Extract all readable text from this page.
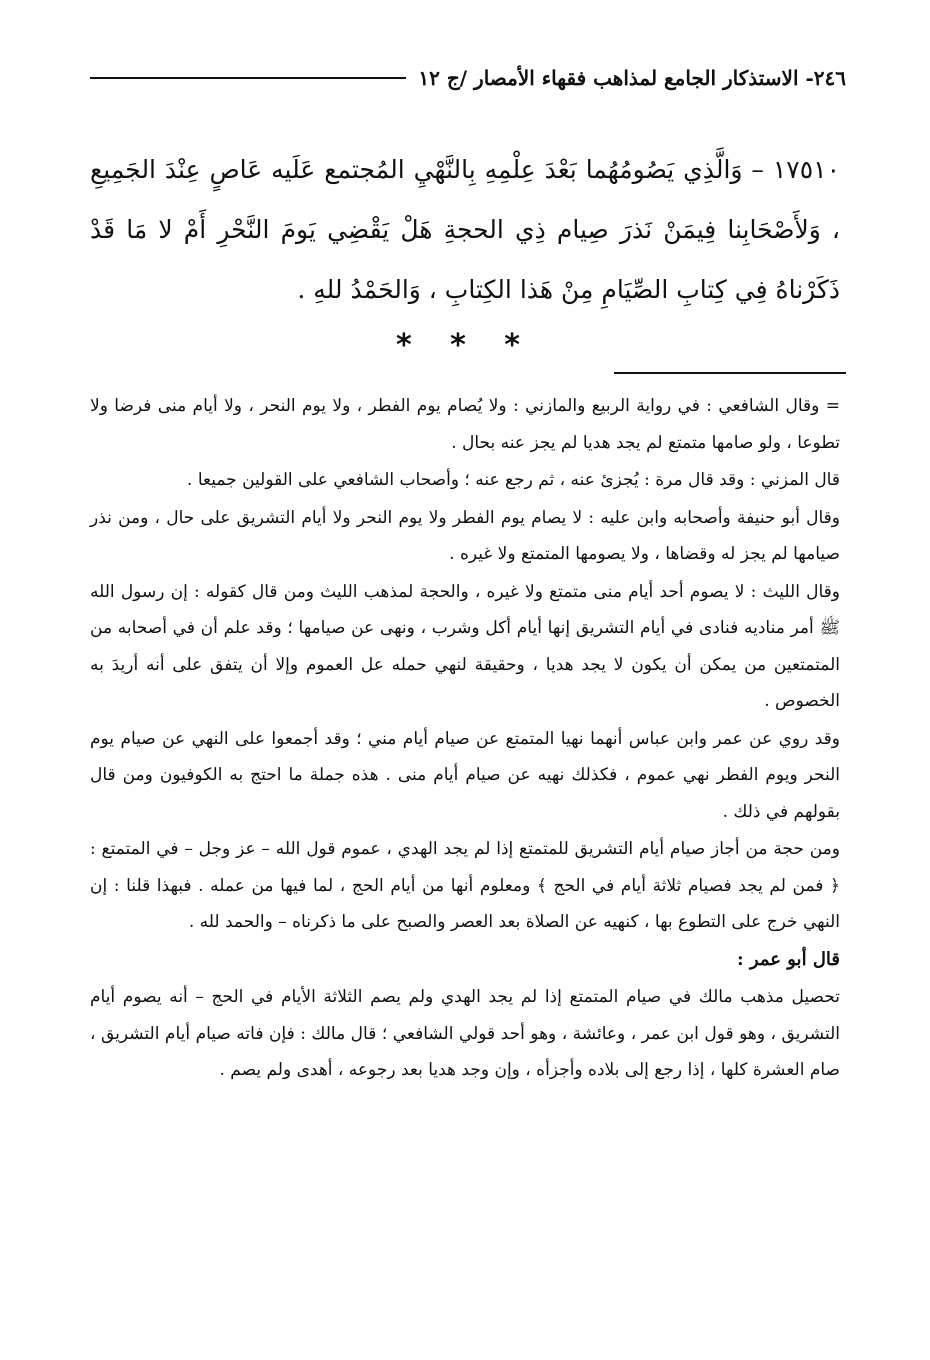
٢٤٦- الاستذكار الجامع لمذاهب فقهاء الأمصار /ج ١٢

١٧٥١٠ – وَالَّذِي يَصُومُهُما بَعْدَ عِلْمِهِ بِالنَّهْيِ المُجتمع عَلَيه عَاصٍ عِنْدَ الجَمِيعِ ، وَلأَصْحَابِنا فِيمَنْ نَذرَ صِيام ذِي الحجةِ هَلْ يَقْضِي يَومَ النَّحْرِ أَمْ لا مَا قَدْ ذَكَرْناهُ فِي كِتابِ الصِّيَامِ مِنْ هَذا الكِتابِ ، وَالحَمْدُ للهِ .

* * *

= وقال الشافعي : في رواية الربيع والمازني : ولا يُصام يوم الفطر ، ولا يوم النحر ، ولا أيام منى فرضا ولا تطوعا ، ولو صامها متمتع لم يجد هديا لم يجز عنه بحال .

قال المزني : وقد قال مرة : يُجزئ عنه ، ثم رجع عنه ؛ وأصحاب الشافعي على القولين جميعا .

وقال أبو حنيفة وأصحابه وابن عليه : لا يصام يوم الفطر ولا يوم النحر ولا أيام التشريق على حال ، ومن نذر صيامها لم يجز له وقضاها ، ولا يصومها المتمتع ولا غيره .

وقال الليث : لا يصوم أحد أيام منى متمتع ولا غيره ، والحجة لمذهب الليث ومن قال كقوله : إن رسول الله ﷺ أمر مناديه فنادى في أيام التشريق إنها أيام أكل وشرب ، ونهى عن صيامها ؛ وقد علم أن في أصحابه من المتمتعين من يمكن أن يكون لا يجد هديا ، وحقيقة لنهي حمله عل العموم وإلا أن يتفق على أنه أريدَ به الخصوص .

وقد روي عن عمر وابن عباس أنهما نهيا المتمتع عن صيام أيام مني ؛ وقد أجمعوا على النهي عن صيام يوم النحر ويوم الفطر نهي عموم ، فكذلك نهيه عن صيام أيام منى . هذه جملة ما احتج به الكوفيون ومن قال بقولهم في ذلك .

ومن حجة من أجاز صيام أيام التشريق للمتمتع إذا لم يجد الهدي ، عموم قول الله – عز وجل – في المتمتع : ﴿ فمن لم يجد فصيام ثلاثة أيام في الحج ﴾ ومعلوم أنها من أيام الحج ، لما فيها من عمله . فبهذا قلنا : إن النهي خرج على التطوع بها ، كنهيه عن الصلاة بعد العصر والصبح على ما ذكرناه – والحمد لله .

قال أبو عمر :

تحصيل مذهب مالك في صيام المتمتع إذا لم يجد الهدي ولم يصم الثلاثة الأيام في الحج – أنه يصوم أيام التشريق ، وهو قول ابن عمر ، وعائشة ، وهو أحد قولي الشافعي ؛ قال مالك : فإن فاته صيام أيام التشريق ، صام العشرة كلها ، إذا رجع إلى بلاده وأجزأه ، وإن وجد هديا بعد رجوعه ، أهدى ولم يصم .
